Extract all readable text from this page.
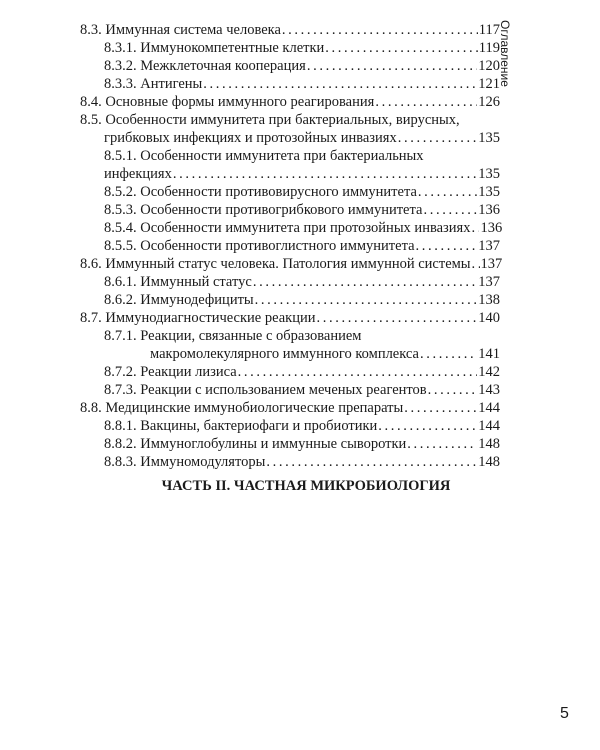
8.3. Иммунная система человека . . .	117
8.3.1. Иммунокомпетентные клетки . . .	119
8.3.2. Межклеточная кооперация . . .	120
8.3.3. Антигены . . .	121
8.4. Основные формы иммунного реагирования . . .	126
8.5. Особенности иммунитета при бактериальных, вирусных,
грибковых инфекциях и протозойных инвазиях . . .	135
8.5.1. Особенности иммунитета при бактериальных
инфекциях . . .	135
8.5.2. Особенности противовирусного иммунитета . . .	135
8.5.3. Особенности противогрибкового иммунитета . . .	136
8.5.4. Особенности иммунитета при протозойных инвазиях . . . 136
8.5.5. Особенности противоглистного иммунитета . . .	137
8.6. Иммунный статус человека. Патология иммунной системы . . . 137
8.6.1. Иммунный статус . . .	137
8.6.2. Иммунодефициты . . .	138
8.7. Иммунодиагностические реакции . . .	140
8.7.1. Реакции, связанные с образованием
макромолекулярного иммунного комплекса . . .	141
8.7.2. Реакции лизиса . . .	142
8.7.3. Реакции с использованием меченых реагентов . . .	143
8.8. Медицинские иммунобиологические препараты . . .	144
8.8.1. Вакцины, бактериофаги и пробиотики . . .	144
8.8.2. Иммуноглобулины и иммунные сыворотки . . .	148
8.8.3. Иммуномодуляторы . . .	148
ЧАСТЬ II. ЧАСТНАЯ МИКРОБИОЛОГИЯ
Оглавление
5
